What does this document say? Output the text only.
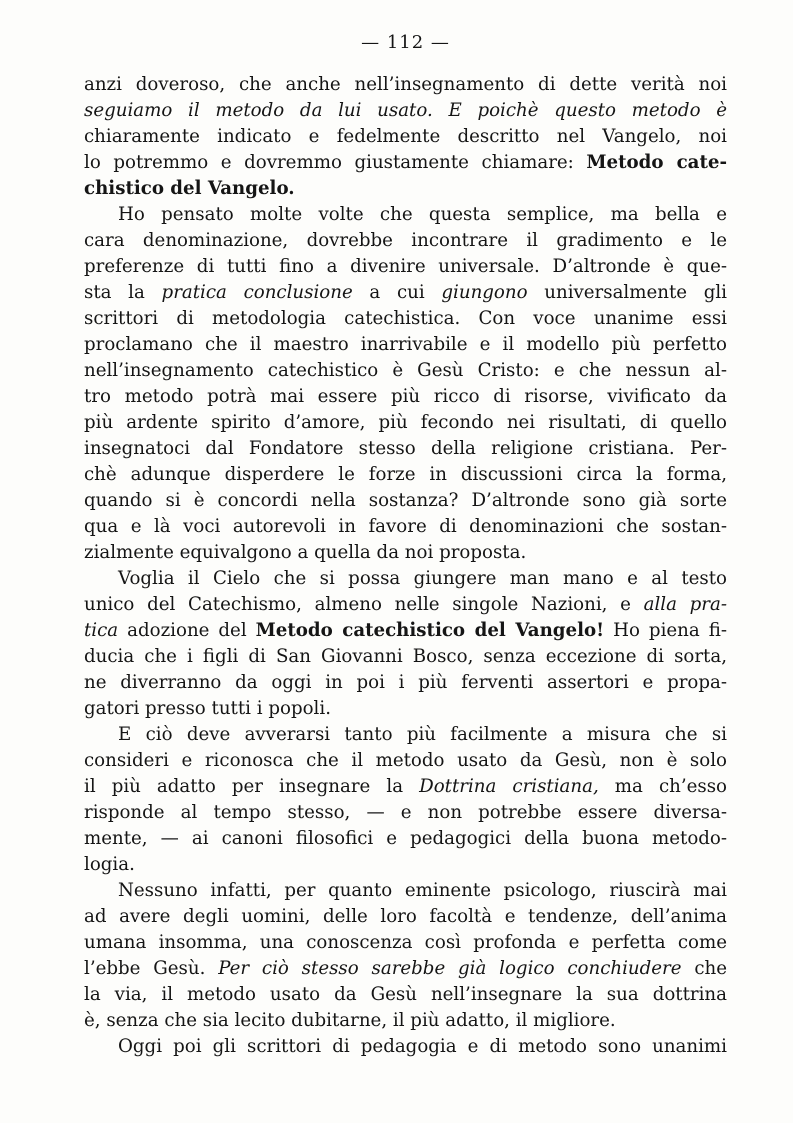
— 112 —
anzi doveroso, che anche nell’insegnamento di dette verità noi
seguiamo il metodo da lui usato. E poichè questo metodo è
chiaramente indicato e fedelmente descritto nel Vangelo, noi
lo potremmo e dovremmo giustamente chiamare: Metodo cate-
chistico del Vangelo.
Ho pensato molte volte che questa semplice, ma bella e
cara denominazione, dovrebbe incontrare il gradimento e le
preferenze di tutti fino a divenire universale. D’altronde è que-
sta la pratica conclusione a cui giungono universalmente gli
scrittori di metodologia catechistica. Con voce unanime essi
proclamano che il maestro inarrivabile e il modello più perfetto
nell’insegnamento catechistico è Gesù Cristo: e che nessun al-
tro metodo potrà mai essere più ricco di risorse, vivificato da
più ardente spirito d’amore, più fecondo nei risultati, di quello
insegnatoci dal Fondatore stesso della religione cristiana. Per-
chè adunque disperdere le forze in discussioni circa la forma,
quando si è concordi nella sostanza? D’altronde sono già sorte
qua e là voci autorevoli in favore di denominazioni che sostan-
zialmente equivalgono a quella da noi proposta.
Voglia il Cielo che si possa giungere man mano e al testo
unico del Catechismo, almeno nelle singole Nazioni, e alla pra-
tica adozione del Metodo catechistico del Vangelo! Ho piena fi-
ducia che i figli di San Giovanni Bosco, senza eccezione di sorta,
ne diverranno da oggi in poi i più ferventi assertori e propa-
gatori presso tutti i popoli.
E ciò deve avverarsi tanto più facilmente a misura che si
consideri e riconosca che il metodo usato da Gesù, non è solo
il più adatto per insegnare la Dottrina cristiana, ma ch’esso
risponde al tempo stesso, — e non potrebbe essere diversa-
mente, — ai canoni filosofici e pedagogici della buona metodo-
logia.
Nessuno infatti, per quanto eminente psicologo, riuscirà mai
ad avere degli uomini, delle loro facoltà e tendenze, dell’anima
umana insomma, una conoscenza così profonda e perfetta come
l’ebbe Gesù. Per ciò stesso sarebbe già logico conchiudere che
la via, il metodo usato da Gesù nell’insegnare la sua dottrina
è, senza che sia lecito dubitarne, il più adatto, il migliore.
Oggi poi gli scrittori di pedagogia e di metodo sono unanimi
